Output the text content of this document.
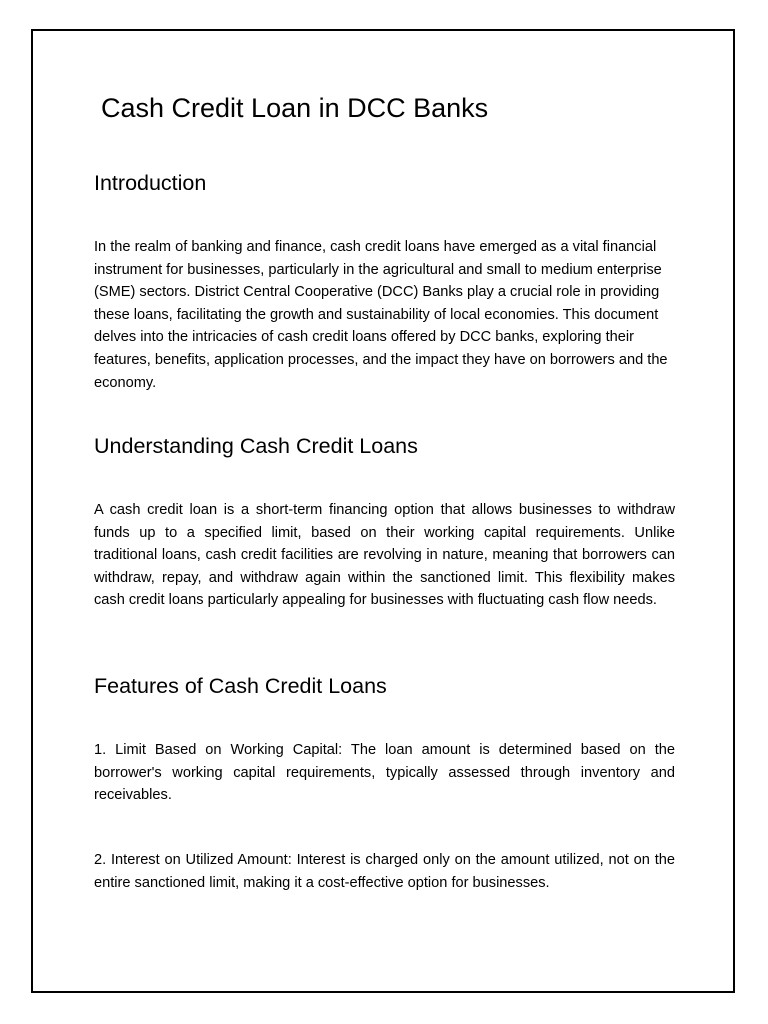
Cash Credit Loan in DCC Banks
Introduction

In the realm of banking and finance, cash credit loans have emerged as a vital financial instrument for businesses, particularly in the agricultural and small to medium enterprise (SME) sectors. District Central Cooperative (DCC) Banks play a crucial role in providing these loans, facilitating the growth and sustainability of local economies. This document delves into the intricacies of cash credit loans offered by DCC banks, exploring their features, benefits, application processes, and the impact they have on borrowers and the economy.

Understanding Cash Credit Loans

A cash credit loan is a short-term financing option that allows businesses to withdraw funds up to a specified limit, based on their working capital requirements. Unlike traditional loans, cash credit facilities are revolving in nature, meaning that borrowers can withdraw, repay, and withdraw again within the sanctioned limit. This flexibility makes cash credit loans particularly appealing for businesses with fluctuating cash flow needs.

Features of Cash Credit Loans

1. Limit Based on Working Capital: The loan amount is determined based on the borrower's working capital requirements, typically assessed through inventory and receivables.

2. Interest on Utilized Amount: Interest is charged only on the amount utilized, not on the entire sanctioned limit, making it a cost-effective option for businesses.
